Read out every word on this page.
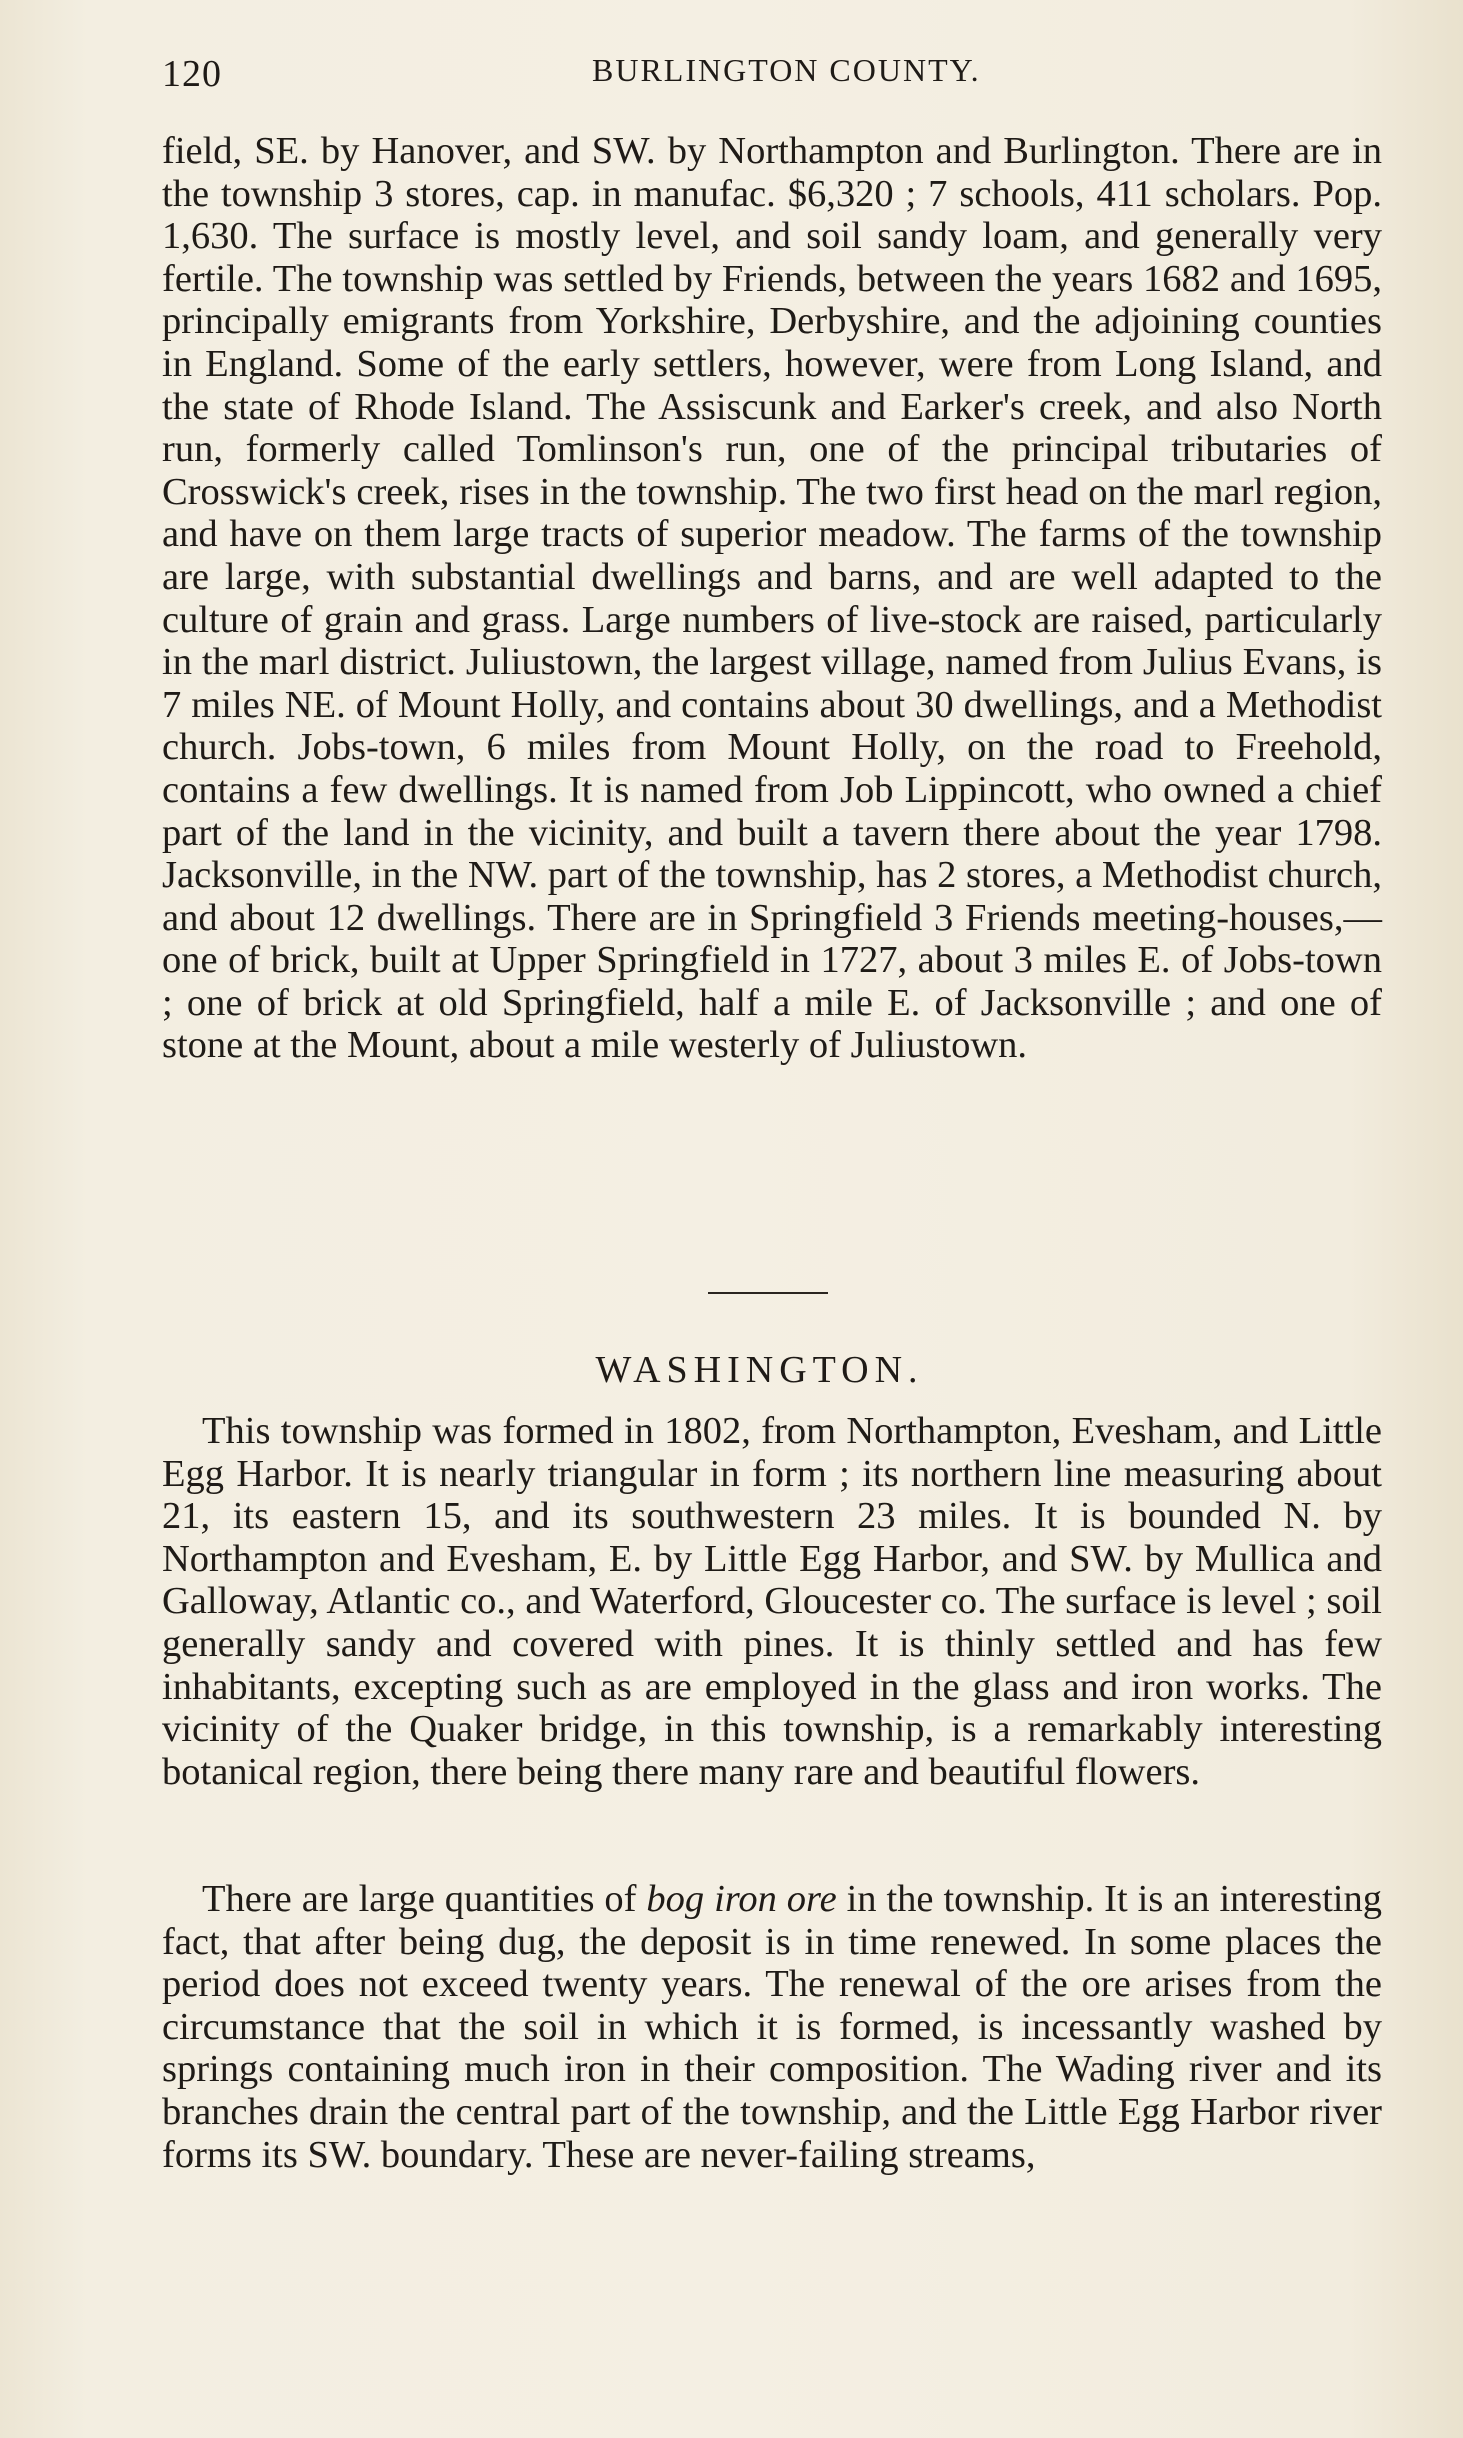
120	BURLINGTON COUNTY.

field, SE. by Hanover, and SW. by Northampton and Burlington. There are in the township 3 stores, cap. in manufac. $6,320 ; 7 schools, 411 scholars. Pop. 1,630. The surface is mostly level, and soil sandy loam, and generally very fertile. The township was settled by Friends, between the years 1682 and 1695, principally emigrants from Yorkshire, Derbyshire, and the adjoining counties in England. Some of the early settlers, however, were from Long Island, and the state of Rhode Island. The Assiscunk and Earker's creek, and also North run, formerly called Tomlinson's run, one of the principal tributaries of Crosswick's creek, rises in the township. The two first head on the marl region, and have on them large tracts of superior meadow. The farms of the township are large, with substantial dwellings and barns, and are well adapted to the culture of grain and grass. Large numbers of live-stock are raised, particularly in the marl district. Juliustown, the largest village, named from Julius Evans, is 7 miles NE. of Mount Holly, and contains about 30 dwellings, and a Methodist church. Jobs-town, 6 miles from Mount Holly, on the road to Freehold, contains a few dwellings. It is named from Job Lippincott, who owned a chief part of the land in the vicinity, and built a tavern there about the year 1798. Jacksonville, in the NW. part of the township, has 2 stores, a Methodist church, and about 12 dwellings. There are in Springfield 3 Friends meeting-houses,—one of brick, built at Upper Springfield in 1727, about 3 miles E. of Jobs-town ; one of brick at old Springfield, half a mile E. of Jacksonville ; and one of stone at the Mount, about a mile westerly of Juliustown.

WASHINGTON.

This township was formed in 1802, from Northampton, Evesham, and Little Egg Harbor. It is nearly triangular in form ; its northern line measuring about 21, its eastern 15, and its southwestern 23 miles. It is bounded N. by Northampton and Evesham, E. by Little Egg Harbor, and SW. by Mullica and Galloway, Atlantic co., and Waterford, Gloucester co. The surface is level ; soil generally sandy and covered with pines. It is thinly settled and has few inhabitants, excepting such as are employed in the glass and iron works. The vicinity of the Quaker bridge, in this township, is a remarkably interesting botanical region, there being there many rare and beautiful flowers.

There are large quantities of bog iron ore in the township. It is an interesting fact, that after being dug, the deposit is in time renewed. In some places the period does not exceed twenty years. The renewal of the ore arises from the circumstance that the soil in which it is formed, is incessantly washed by springs containing much iron in their composition. The Wading river and its branches drain the central part of the township, and the Little Egg Harbor river forms its SW. boundary. These are never-failing streams,
